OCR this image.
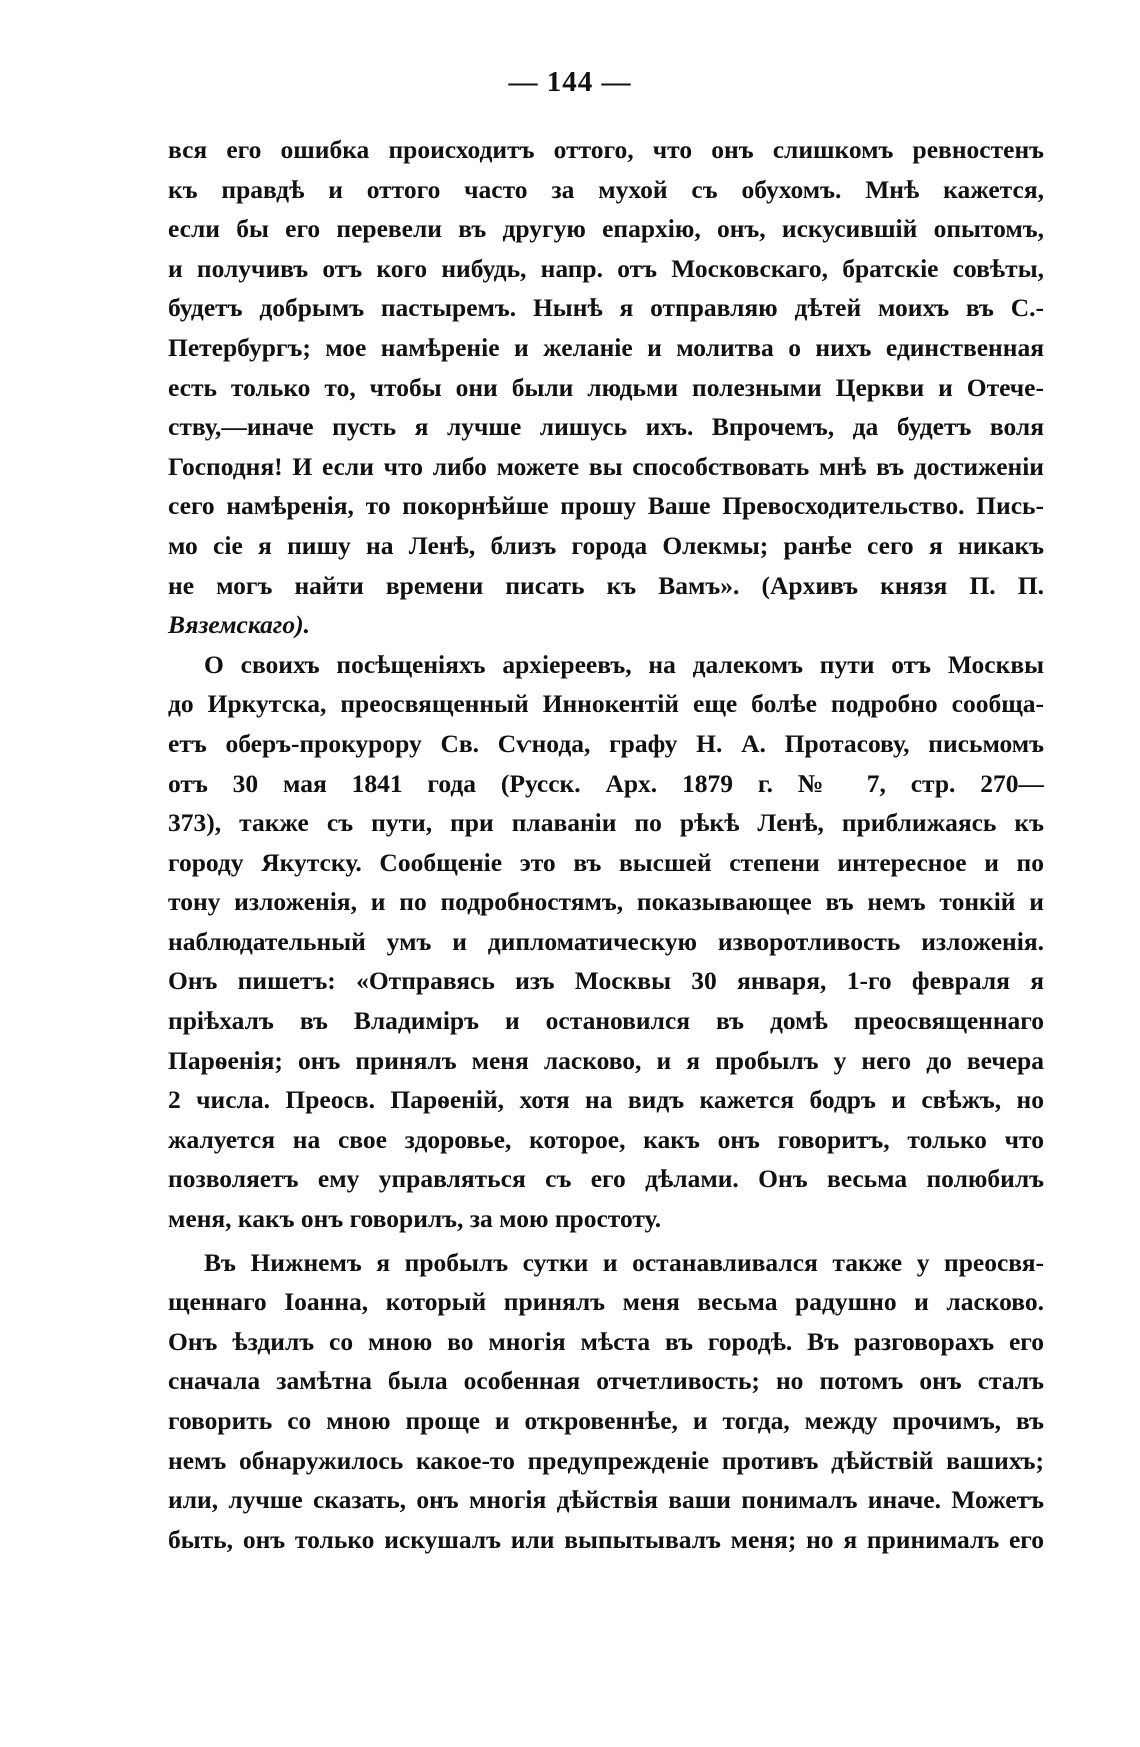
— 144 —
вся его ошибка происходитъ оттого, что онъ слишкомъ ревностенъ
къ правдѣ и оттого часто за мухой съ обухомъ. Мнѣ кажется,
если бы его перевели въ другую епархію, онъ, искусившій опытомъ,
и получивъ отъ кого нибудь, напр. отъ Московскаго, братскіе совѣты,
будетъ добрымъ пастыремъ. Нынѣ я отправляю дѣтей моихъ въ С.-
Петербургъ; мое намѣреніе и желаніе и молитва о нихъ единственная
есть только то, чтобы они были людьми полезными Церкви и Отече-
ству,—иначе пусть я лучше лишусь ихъ. Впрочемъ, да будетъ воля
Господня! И если что либо можете вы способствовать мнѣ въ достиженіи
сего намѣренія, то покорнѣйше прошу Ваше Превосходительство. Пись-
мо сіе я пишу на Ленѣ, близъ города Олекмы; ранѣе сего я никакъ
не могъ найти времени писать къ Вамъ». (Архивъ князя П. П.
Вяземскаго).
О своихъ посѣщеніяхъ архіереевъ, на далекомъ пути отъ Москвы
до Иркутска, преосвященный Иннокентій еще болѣе подробно сообща-
етъ оберъ-прокурору Св. Сѵнода, графу Н. А. Протасову, письмомъ
отъ 30 мая 1841 года (Русск. Арх. 1879 г. № 7, стр. 270—
373), также съ пути, при плаваніи по рѣкѣ Ленѣ, приближаясь къ
городу Якутску. Сообщеніе это въ высшей степени интересное и по
тону изложенія, и по подробностямъ, показывающее въ немъ тонкій и
наблюдательный умъ и дипломатическую изворотливость изложенія.
Онъ пишетъ: «Отправясь изъ Москвы 30 января, 1-го февраля я
пріѣхалъ въ Владиміръ и остановился въ домѣ преосвященнаго
Парѳенія; онъ принялъ меня ласково, и я пробылъ у него до вечера
2 числа. Преосв. Парѳеній, хотя на видъ кажется бодръ и свѣжъ, но
жалуется на свое здоровье, которое, какъ онъ говоритъ, только что
позволяетъ ему управляться съ его дѣлами. Онъ весьма полюбилъ
меня, какъ онъ говорилъ, за мою простоту.
Въ Нижнемъ я пробылъ сутки и останавливался также у преосвя-
щеннаго Іоанна, который принялъ меня весьма радушно и ласково.
Онъ ѣздилъ со мною во многія мѣста въ городѣ. Въ разговорахъ его
сначала замѣтна была особенная отчетливость; но потомъ онъ сталъ
говорить со мною проще и откровеннѣе, и тогда, между прочимъ, въ
немъ обнаружилось какое-то предупрежденіе противъ дѣйствій вашихъ;
или, лучше сказать, онъ многія дѣйствія ваши понималъ иначе. Можетъ
быть, онъ только искушалъ или выпытывалъ меня; но я принималъ его
